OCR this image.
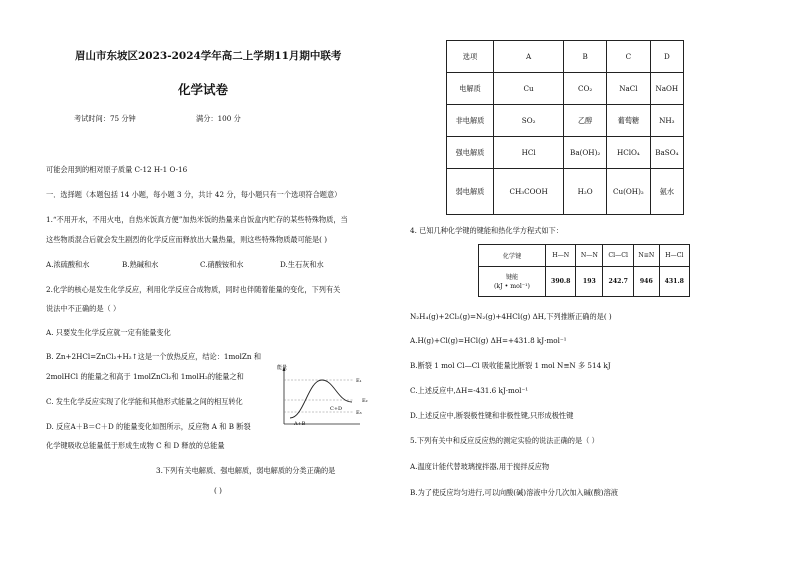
眉山市东坡区2023-2024学年高二上学期11月期中联考
化学试卷
考试时间：75 分钟	满分：100 分
可能会用到的相对原子质量 C-12 H-1 O-16
一．选择题（本题包括 14 小题，每小题 3 分，共计 42 分，每小题只有一个选项符合题意）
1.“不用开水，不用火电，自热米饭真方便”加热米饭的热量来自饭盒内贮存的某些特殊物质，当
这些物质混合后就会发生剧烈的化学反应而释放出大量热量，则这些特殊物质最可能是( )
A.浓硫酸和水	B.熟碱和水	C.硝酸铵和水	D.生石灰和水
2.化学的核心是发生化学反应，利用化学反应合成物质，同时也伴随着能量的变化，下列有关
说法中不正确的是（ ）
A. 只要发生化学反应就一定有能量变化
B. Zn+2HCl=ZnCl₂+H₂↑这是一个放热反应，结论：1molZn 和
2molHCl 的能量之和高于 1molZnCl₂和 1molH₂的能量之和
C. 发生化学反应实现了化学能和其他形式能量之间的相互转化
D. 反应A＋B＝C＋D 的能量变化如图所示，反应物 A 和 B 断裂
化学键吸收总能量低于形成生成物 C 和 D 释放的总能量
能量
E₁
E₂
E₃
A+B
C+D
3.下列有关电解质、强电解质，弱电解质的分类正确的是
( )
选项	A	B	C	D
电解质	Cu	CO₂	NaCl	NaOH
非电解质	SO₂	乙醇	葡萄糖	NH₃
强电解质	HCl	Ba(OH)₂	HClO₄	BaSO₄
弱电解质	CH₃COOH	H₂O	Cu(OH)₂	氨水
4. 已知几种化学键的键能和热化学方程式如下：
化学键	H—N	N—N	Cl—Cl	N≡N	H—Cl

键能
(kJ • mol⁻¹)	390.8	193	242.7	946	431.8
N₂H₄(g)+2Cl₂(g)=N₂(g)+4HCl(g) ΔH,下列推断正确的是( )
A.H(g)+Cl(g)=HCl(g) ΔH=+431.8 kJ·mol⁻¹
B.断裂 1 mol Cl—Cl 吸收能量比断裂 1 mol N≡N 多 514 kJ
C.上述反应中,ΔH=-431.6 kJ·mol⁻¹
D.上述反应中,断裂极性键和非极性键,只形成极性键
5.下列有关中和反应反应热的测定实验的说法正确的是（ ）
A.温度计能代替玻璃搅拌器,用于搅拌反应物
B.为了使反应均匀进行,可以向酸(碱)溶液中分几次加入碱(酸)溶液
